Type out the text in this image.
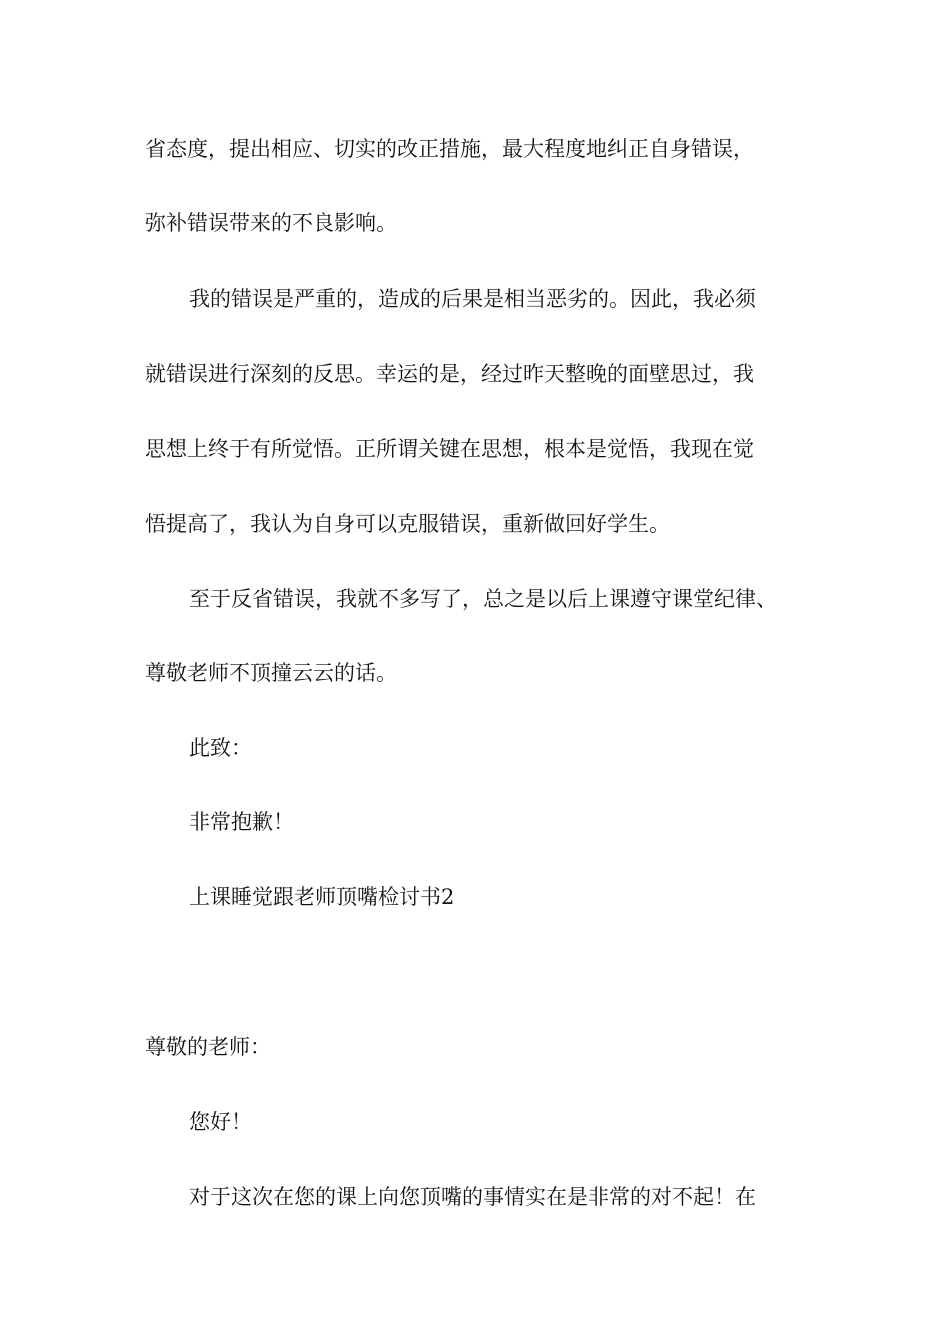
省态度，提出相应、切实的改正措施，最大程度地纠正自身错误，
弥补错误带来的不良影响。
我的错误是严重的，造成的后果是相当恶劣的。因此，我必须
就错误进行深刻的反思。幸运的是，经过昨天整晚的面壁思过，我
思想上终于有所觉悟。正所谓关键在思想，根本是觉悟，我现在觉
悟提高了，我认为自身可以克服错误，重新做回好学生。
至于反省错误，我就不多写了，总之是以后上课遵守课堂纪律、
尊敬老师不顶撞云云的话。
此致：
非常抱歉！
上课睡觉跟老师顶嘴检讨书2
尊敬的老师：
您好！
对于这次在您的课上向您顶嘴的事情实在是非常的对不起！在
